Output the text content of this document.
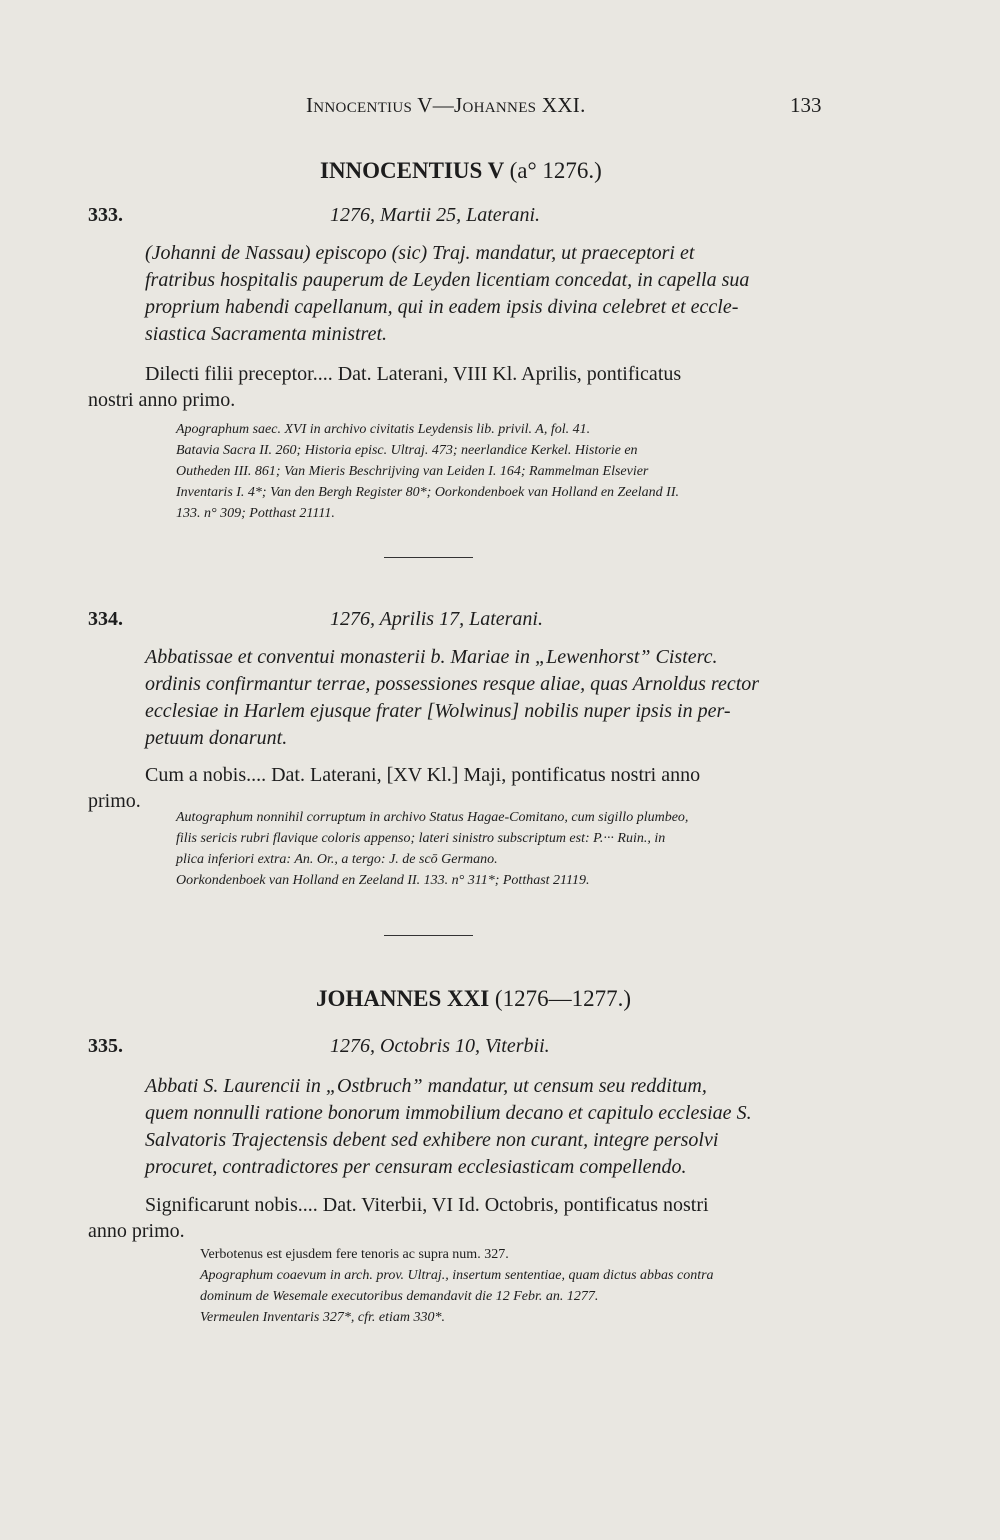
Innocentius V—Johannes XXI.	133
INNOCENTIUS V (a° 1276.)
333.	1276, Martii 25, Laterani.
(Johanni de Nassau) episcopo (sic) Traj. mandatur, ut praeceptori et
fratribus hospitalis pauperum de Leyden licentiam concedat, in capella sua
proprium habendi capellanum, qui in eadem ipsis divina celebret et eccle-
siastica Sacramenta ministret.
Dilecti filii preceptor.... Dat. Laterani, VIII Kl. Aprilis, pontificatus
nostri anno primo.
Apographum saec. XVI in archivo civitatis Leydensis lib. privil. A, fol. 41.
Batavia Sacra II. 260; Historia episc. Ultraj. 473; neerlandice Kerkel. Historie en
Outheden III. 861; Van Mieris Beschrijving van Leiden I. 164; Rammelman Elsevier
Inventaris I. 4*; Van den Bergh Register 80*; Oorkondenboek van Holland en Zeeland II.
133. n° 309; Potthast 21111.
334.	1276, Aprilis 17, Laterani.
Abbatissae et conventui monasterii b. Mariae in „Lewenhorst” Cisterc.
ordinis confirmantur terrae, possessiones resque aliae, quas Arnoldus rector
ecclesiae in Harlem ejusque frater [Wolwinus] nobilis nuper ipsis in per-
petuum donarunt.
Cum a nobis.... Dat. Laterani, [XV Kl.] Maji, pontificatus nostri anno
primo.
Autographum nonnihil corruptum in archivo Status Hagae-Comitano, cum sigillo plumbeo,
filis sericis rubri flavique coloris appenso; lateri sinistro subscriptum est: P.··· Ruin., in
plica inferiori extra: An. Or., a tergo: J. de scō Germano.
Oorkondenboek van Holland en Zeeland II. 133. n° 311*; Potthast 21119.
JOHANNES XXI (1276—1277.)
335.	1276, Octobris 10, Viterbii.
Abbati S. Laurencii in „Ostbruch” mandatur, ut censum seu redditum,
quem nonnulli ratione bonorum immobilium decano et capitulo ecclesiae S.
Salvatoris Trajectensis debent sed exhibere non curant, integre persolvi
procuret, contradictores per censuram ecclesiasticam compellendo.
Significarunt nobis.... Dat. Viterbii, VI Id. Octobris, pontificatus nostri
anno primo.
Verbotenus est ejusdem fere tenoris ac supra num. 327.
Apographum coaevum in arch. prov. Ultraj., insertum sententiae, quam dictus abbas contra
dominum de Wesemale executoribus demandavit die 12 Febr. an. 1277.
Vermeulen Inventaris 327*, cfr. etiam 330*.
